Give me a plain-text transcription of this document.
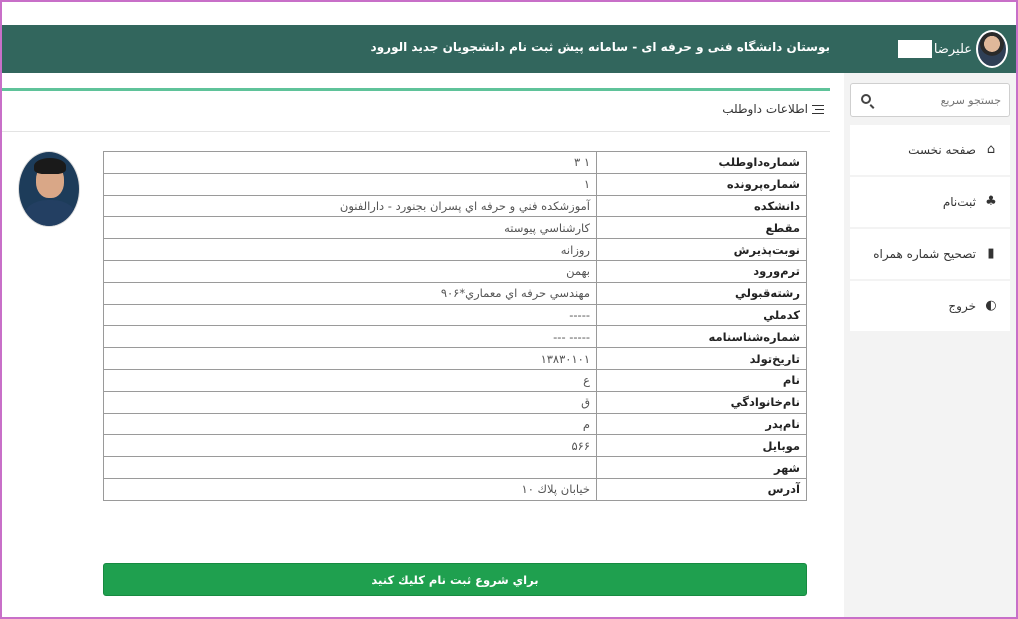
علیرضا
بوستان دانشگاه فنی و حرفه ای - سامانه پیش ثبت نام دانشجویان جدید الورود
جستجو سریع
⌂
صفحه نخست
♣
ثبت‌نام
▮
تصحیح شماره همراه
◐
خروج
اطلاعات داوطلب
شماره‌داوطلب	۱ ۳
شماره‌پرونده	۱
دانشکده	آموزشکده فني و حرفه اي پسران بجنورد - دارالفنون
مقطع	كارشناسي پيوسته
نوبت‌پذيرش	روزانه
ترم‌ورود	بهمن
رشته‌قبولي	مهندسي حرفه اي معماري*۹۰۶
كدملي	-----
شماره‌شناسنامه	----- ---
تاريخ‌تولد	۱۳۸۳۰۱۰۱
نام	ع
نام‌خانوادگي	ق
نام‌پدر	م
موبايل	۵۶۶
شهر	
آدرس	خيابان پلاك ۱۰
براي شروع ثبت نام كليك كنيد
